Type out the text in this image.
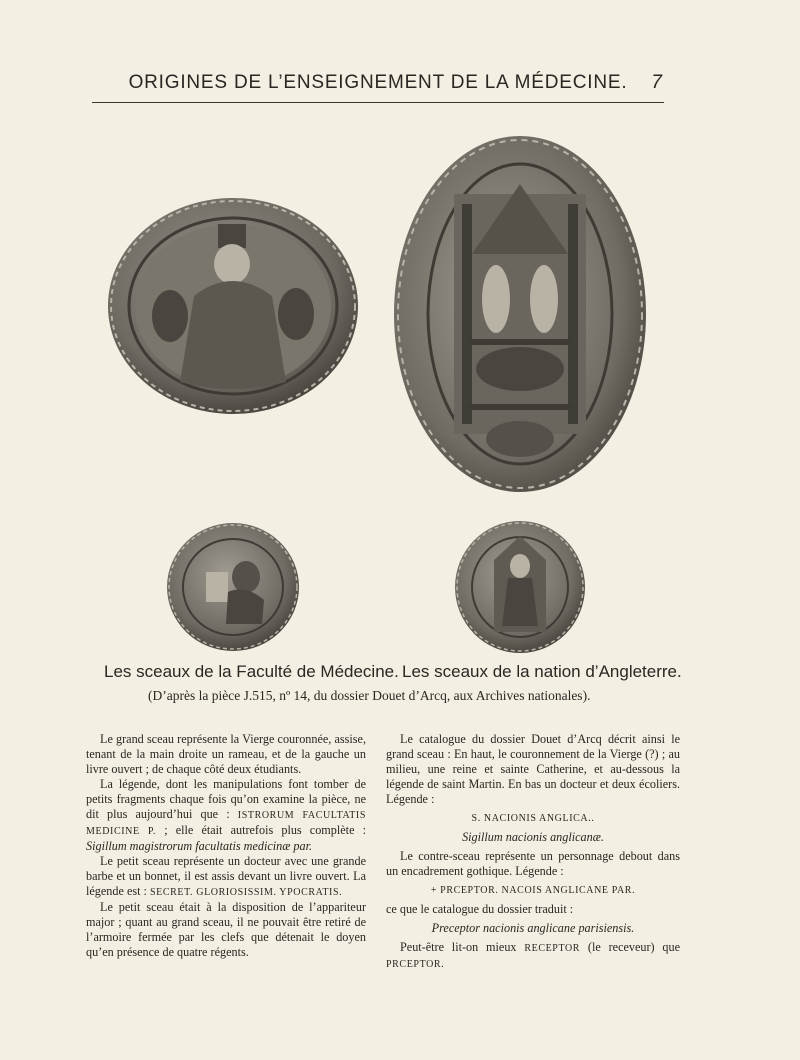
ORIGINES DE L’ENSEIGNEMENT DE LA MÉDECINE.	7
Les sceaux de la Faculté de Médecine. Les sceaux de la nation d’Angleterre.
(D’après la pièce J.515, nº 14, du dossier Douet d’Arcq, aux Archives nationales).

Le grand sceau représente la Vierge couronnée, assise, tenant de la main droite un rameau, et de la gauche un livre ouvert ; de chaque côté deux étudiants.

La légende, dont les manipulations font tomber de petits fragments chaque fois qu’on examine la pièce, ne dit plus aujourd’hui que : ISTRORUM FACULTATIS MEDICINE P. ; elle était autrefois plus complète : Sigillum magistrorum facultatis medicinæ par.

Le petit sceau représente un docteur avec une grande barbe et un bonnet, il est assis devant un livre ouvert. La légende est : SECRET. GLORIOSISSIM. YPOCRATIS.

Le petit sceau était à la disposition de l’appariteur major ; quant au grand sceau, il ne pouvait être retiré de l’armoire fermée par les clefs que détenait le doyen qu’en présence de quatre régents.

Le catalogue du dossier Douet d’Arcq décrit ainsi le grand sceau : En haut, le couronnement de la Vierge (?) ; au milieu, une reine et sainte Catherine, et au-dessous la légende de saint Martin. En bas un docteur et deux écoliers. Légende :

S. NACIONIS ANGLICA..

Sigillum nacionis anglicanæ.

Le contre-sceau représente un personnage debout dans un encadrement gothique. Légende :

+ PRCEPTOR. NACOIS ANGLICANE PAR.

ce que le catalogue du dossier traduit :

Preceptor nacionis anglicane parisiensis.

Peut-être lit-on mieux RECEPTOR (le receveur) que PRCEPTOR.
